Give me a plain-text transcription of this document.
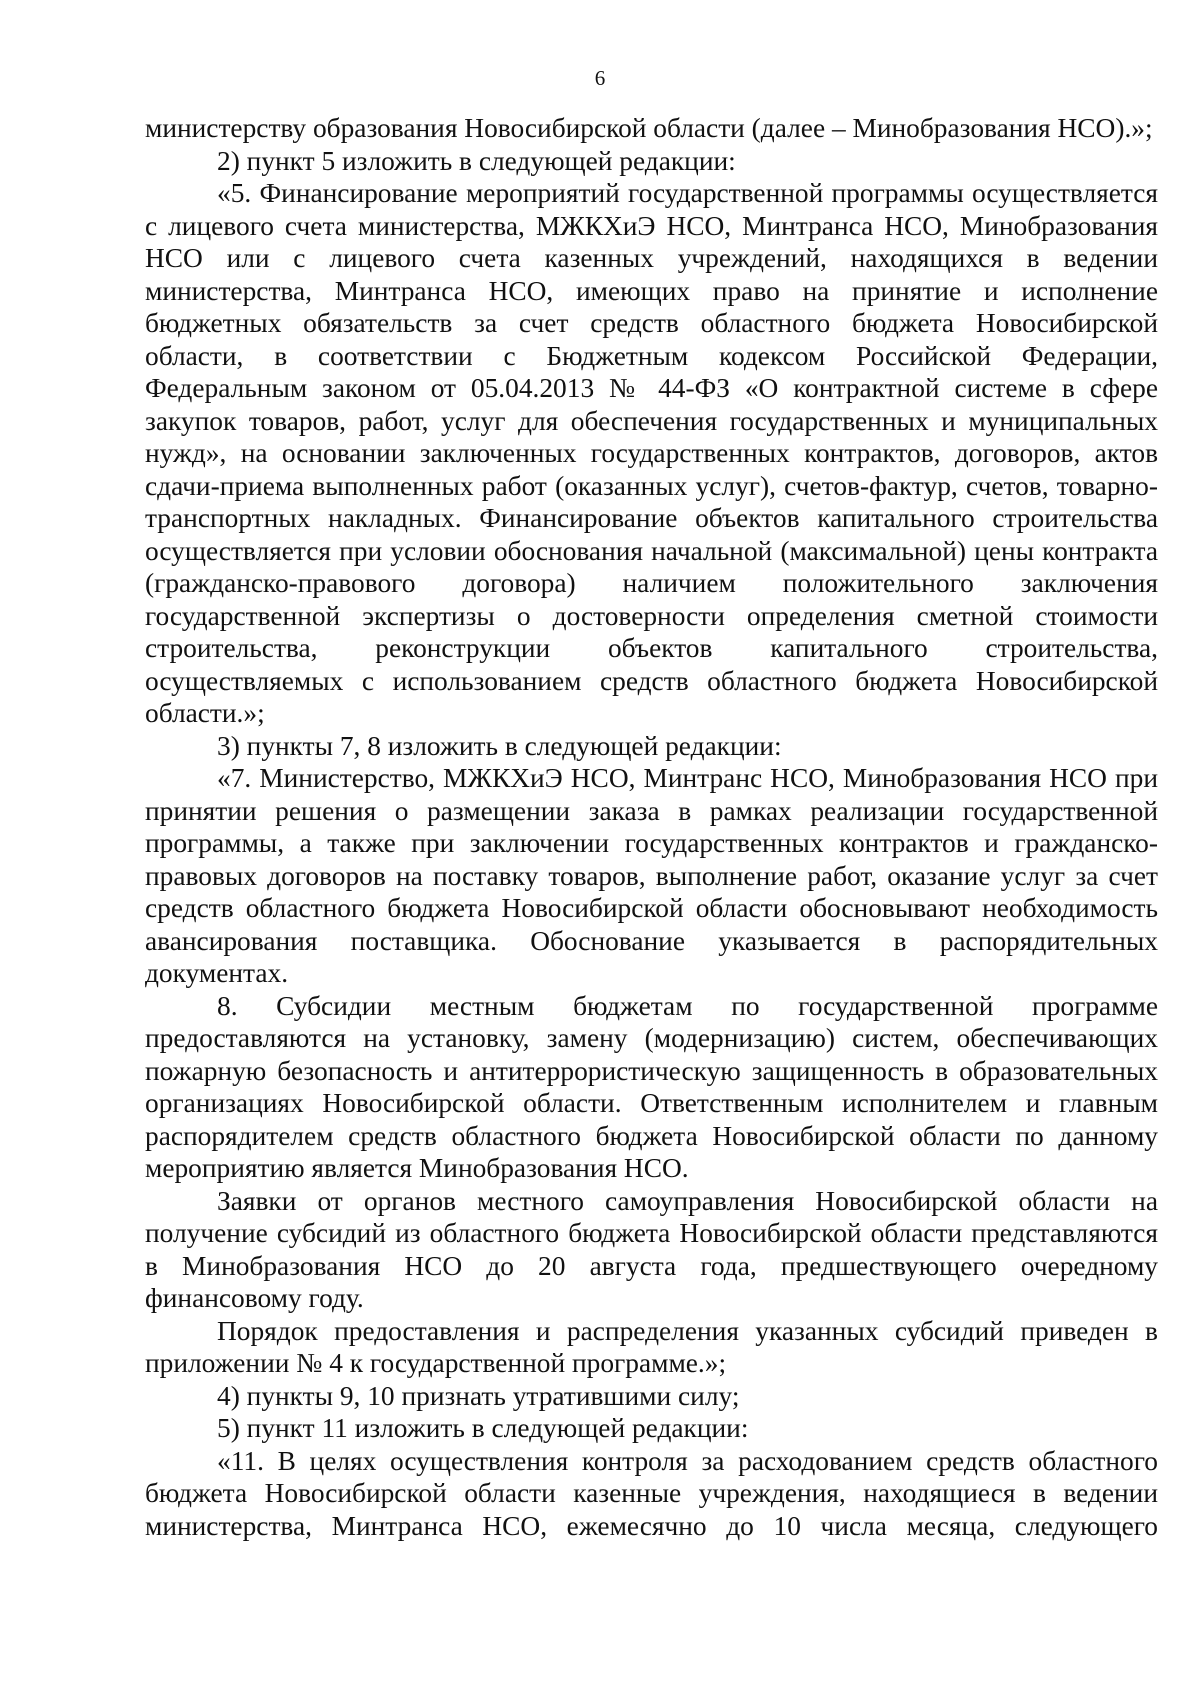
6

министерству образования Новосибирской области (далее – Минобразования НСО).»;

2) пункт 5 изложить в следующей редакции:

«5. Финансирование мероприятий государственной программы осуществляется с лицевого счета министерства, МЖКХиЭ НСО, Минтранса НСО, Минобразования НСО или с лицевого счета казенных учреждений, находящихся в ведении министерства, Минтранса НСО, имеющих право на принятие и исполнение бюджетных обязательств за счет средств областного бюджета Новосибирской области, в соответствии с Бюджетным кодексом Российской Федерации, Федеральным законом от 05.04.2013 № 44-ФЗ «О контрактной системе в сфере закупок товаров, работ, услуг для обеспечения государственных и муниципальных нужд», на основании заключенных государственных контрактов, договоров, актов сдачи-приема выполненных работ (оказанных услуг), счетов-фактур, счетов, товарно-транспортных накладных. Финансирование объектов капитального строительства осуществляется при условии обоснования начальной (максимальной) цены контракта (гражданско-правового договора) наличием положительного заключения государственной экспертизы о достоверности определения сметной стоимости строительства, реконструкции объектов капитального строительства, осуществляемых с использованием средств областного бюджета Новосибирской области.»;

3) пункты 7, 8 изложить в следующей редакции:

«7. Министерство, МЖКХиЭ НСО, Минтранс НСО, Минобразования НСО при принятии решения о размещении заказа в рамках реализации государственной программы, а также при заключении государственных контрактов и гражданско-правовых договоров на поставку товаров, выполнение работ, оказание услуг за счет средств областного бюджета Новосибирской области обосновывают необходимость авансирования поставщика. Обоснование указывается в распорядительных документах.

8. Субсидии местным бюджетам по государственной программе предоставляются на установку, замену (модернизацию) систем, обеспечивающих пожарную безопасность и антитеррористическую защищенность в образовательных организациях Новосибирской области. Ответственным исполнителем и главным распорядителем средств областного бюджета Новосибирской области по данному мероприятию является Минобразования НСО.

Заявки от органов местного самоуправления Новосибирской области на получение субсидий из областного бюджета Новосибирской области представляются в Минобразования НСО до 20 августа года, предшествующего очередному финансовому году.

Порядок предоставления и распределения указанных субсидий приведен в приложении № 4 к государственной программе.»;

4) пункты 9, 10 признать утратившими силу;

5) пункт 11 изложить в следующей редакции:

«11. В целях осуществления контроля за расходованием средств областного бюджета Новосибирской области казенные учреждения, находящиеся в ведении министерства, Минтранса НСО, ежемесячно до 10 числа месяца, следующего
